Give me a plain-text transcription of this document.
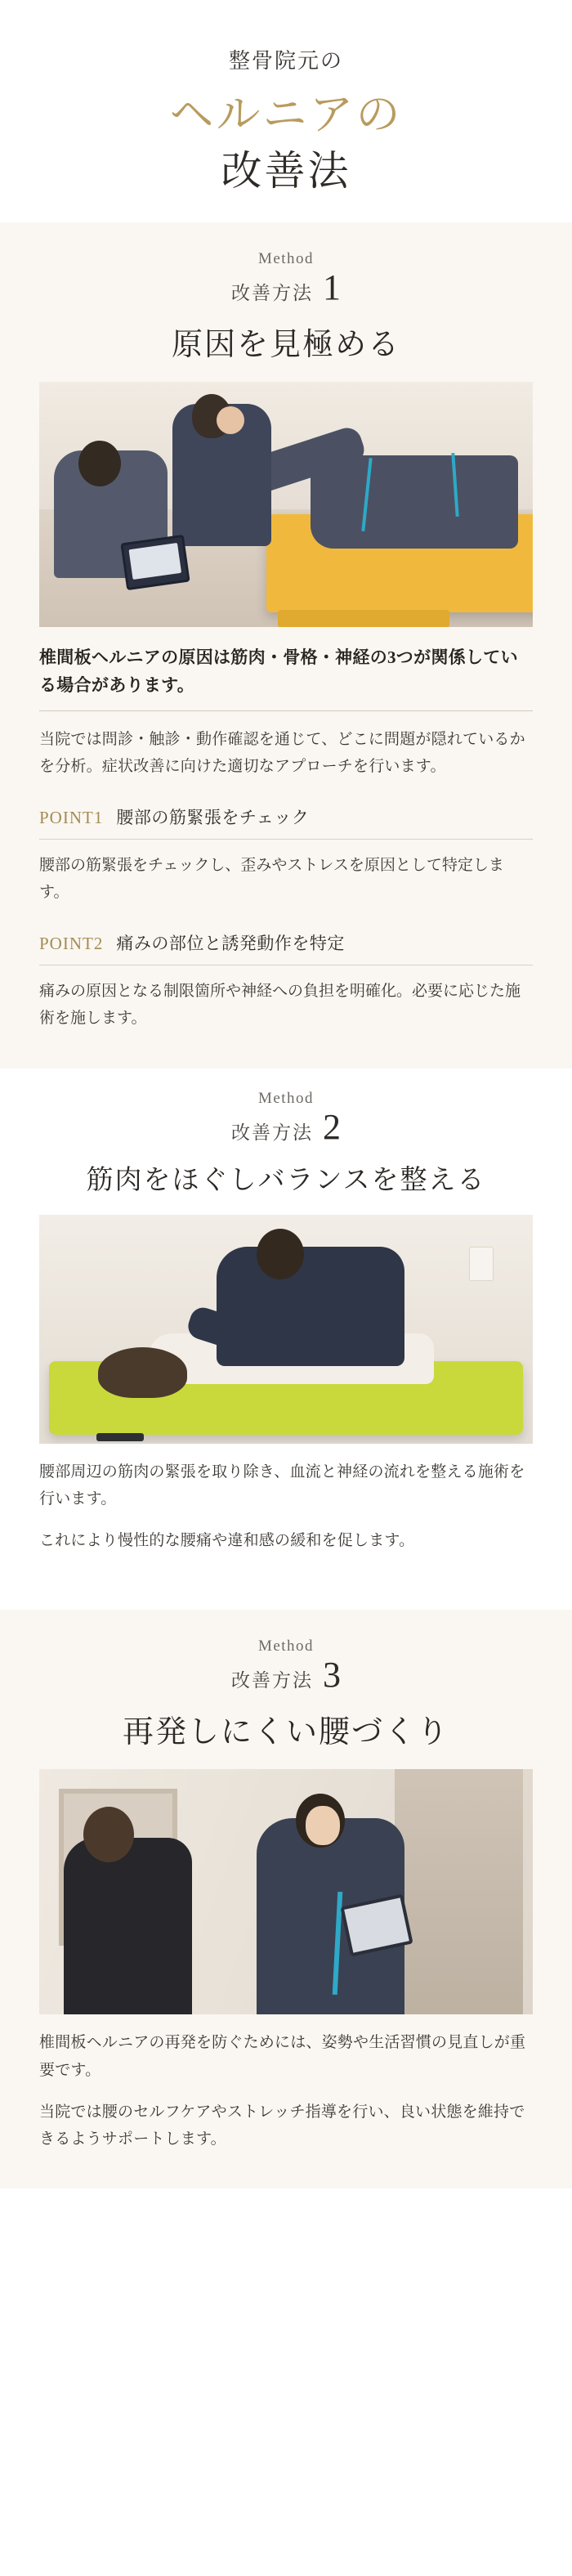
整骨院元の
ヘルニアの
改善法
Method
改善方法 1
原因を見極める
椎間板ヘルニアの原因は筋肉・骨格・神経の3つが関係している場合があります。
当院では問診・触診・動作確認を通じて、どこに問題が隠れているかを分析。症状改善に向けた適切なアプローチを行います。
POINT1 腰部の筋緊張をチェック
腰部の筋緊張をチェックし、歪みやストレスを原因として特定します。
POINT2 痛みの部位と誘発動作を特定
痛みの原因となる制限箇所や神経への負担を明確化。必要に応じた施術を施します。
Method
改善方法 2
筋肉をほぐしバランスを整える
腰部周辺の筋肉の緊張を取り除き、血流と神経の流れを整える施術を行います。
これにより慢性的な腰痛や違和感の緩和を促します。
Method
改善方法 3
再発しにくい腰づくり
椎間板ヘルニアの再発を防ぐためには、姿勢や生活習慣の見直しが重要です。
当院では腰のセルフケアやストレッチ指導を行い、良い状態を維持できるようサポートします。
